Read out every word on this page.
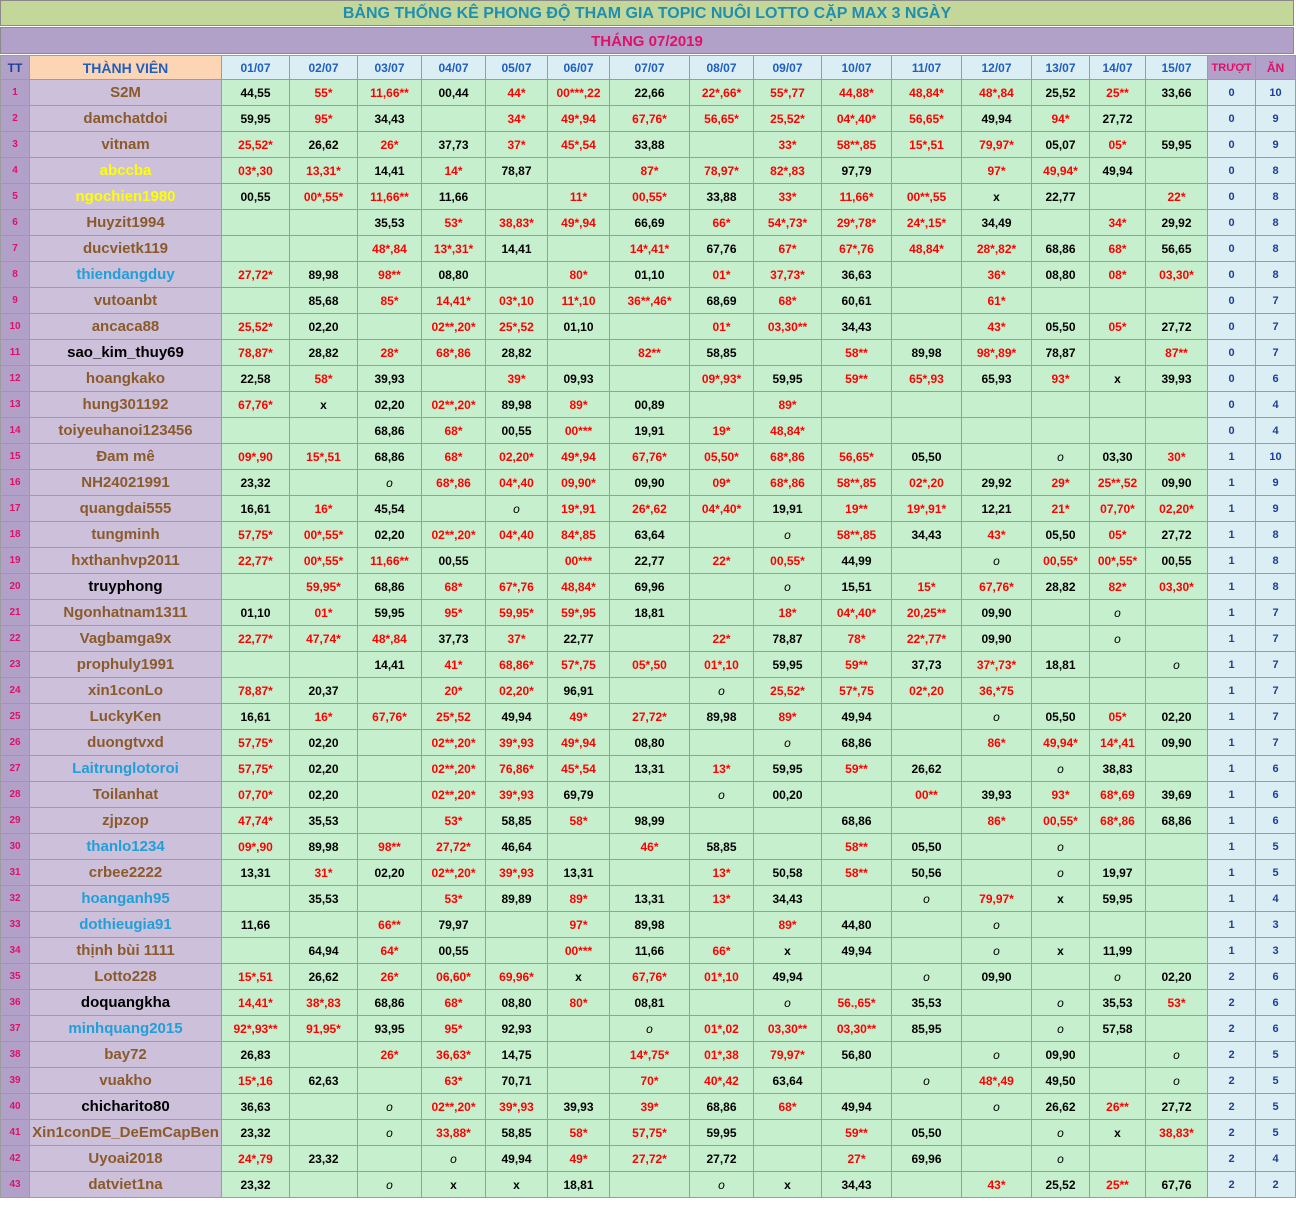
BẢNG THỐNG KÊ PHONG ĐỘ THAM GIA TOPIC NUÔI LOTTO CẶP MAX 3 NGÀY
THÁNG 07/2019
TT	THÀNH VIÊN	01/07	02/07	03/07	04/07	05/07	06/07	07/07	08/07	09/07	10/07	11/07	12/07	13/07	14/07	15/07	TRƯỢT	ĂN
1	S2M	44,55	55*	11,66**	00,44	44*	00***,22	22,66	22*,66*	55*,77	44,88*	48,84*	48*,84	25,52	25**	33,66	0	10
2	damchatdoi	59,95	95*	34,43		34*	49*,94	67,76*	56,65*	25,52*	04*,40*	56,65*	49,94	94*	27,72		0	9
3	vitnam	25,52*	26,62	26*	37,73	37*	45*,54	33,88		33*	58**,85	15*,51	79,97*	05,07	05*	59,95	0	9
4	abccba	03*,30	13,31*	14,41	14*	78,87		87*	78,97*	82*,83	97,79		97*	49,94*	49,94		0	8
5	ngochien1980	00,55	00*,55*	11,66**	11,66		11*	00,55*	33,88	33*	11,66*	00**,55	x	22,77		22*	0	8
6	Huyzit1994			35,53	53*	38,83*	49*,94	66,69	66*	54*,73*	29*,78*	24*,15*	34,49		34*	29,92	0	8
7	ducvietk119			48*,84	13*,31*	14,41		14*,41*	67,76	67*	67*,76	48,84*	28*,82*	68,86	68*	56,65	0	8
8	thiendangduy	27,72*	89,98	98**	08,80		80*	01,10	01*	37,73*	36,63		36*	08,80	08*	03,30*	0	8
9	vutoanbt		85,68	85*	14,41*	03*,10	11*,10	36**,46*	68,69	68*	60,61		61*				0	7
10	ancaca88	25,52*	02,20		02**,20*	25*,52	01,10		01*	03,30**	34,43		43*	05,50	05*	27,72	0	7
11	sao_kim_thuy69	78,87*	28,82	28*	68*,86	28,82		82**	58,85		58**	89,98	98*,89*	78,87		87**	0	7
12	hoangkako	22,58	58*	39,93		39*	09,93		09*,93*	59,95	59**	65*,93	65,93	93*	x	39,93	0	6
13	hung301192	67,76*	x	02,20	02**,20*	89,98	89*	00,89		89*							0	4
14	toiyeuhanoi123456			68,86	68*	00,55	00***	19,91	19*	48,84*							0	4
15	Đam mê	09*,90	15*,51	68,86	68*	02,20*	49*,94	67,76*	05,50*	68*,86	56,65*	05,50		o	03,30	30*	1	10
16	NH24021991	23,32		o	68*,86	04*,40	09,90*	09,90	09*	68*,86	58**,85	02*,20	29,92	29*	25**,52	09,90	1	9
17	quangdai555	16,61	16*	45,54		o	19*,91	26*,62	04*,40*	19,91	19**	19*,91*	12,21	21*	07,70*	02,20*	1	9
18	tungminh	57,75*	00*,55*	02,20	02**,20*	04*,40	84*,85	63,64		o	58**,85	34,43	43*	05,50	05*	27,72	1	8
19	hxthanhvp2011	22,77*	00*,55*	11,66**	00,55		00***	22,77	22*	00,55*	44,99		o	00,55*	00*,55*	00,55	1	8
20	truyphong		59,95*	68,86	68*	67*,76	48,84*	69,96		o	15,51	15*	67,76*	28,82	82*	03,30*	1	8
21	Ngonhatnam1311	01,10	01*	59,95	95*	59,95*	59*,95	18,81		18*	04*,40*	20,25**	09,90		o		1	7
22	Vagbamga9x	22,77*	47,74*	48*,84	37,73	37*	22,77		22*	78,87	78*	22*,77*	09,90		o		1	7
23	prophuly1991			14,41	41*	68,86*	57*,75	05*,50	01*,10	59,95	59**	37,73	37*,73*	18,81		o	1	7
24	xin1conLo	78,87*	20,37		20*	02,20*	96,91		o	25,52*	57*,75	02*,20	36,*75				1	7
25	LuckyKen	16,61	16*	67,76*	25*,52	49,94	49*	27,72*	89,98	89*	49,94		o	05,50	05*	02,20	1	7
26	duongtvxd	57,75*	02,20		02**,20*	39*,93	49*,94	08,80		o	68,86		86*	49,94*	14*,41	09,90	1	7
27	Laitrunglotoroi	57,75*	02,20		02**,20*	76,86*	45*,54	13,31	13*	59,95	59**	26,62		o	38,83		1	6
28	Toilanhat	07,70*	02,20		02**,20*	39*,93	69,79		o	00,20		00**	39,93	93*	68*,69	39,69	1	6
29	zjpzop	47,74*	35,53		53*	58,85	58*	98,99			68,86		86*	00,55*	68*,86	68,86	1	6
30	thanlo1234	09*,90	89,98	98**	27,72*	46,64		46*	58,85		58**	05,50		o			1	5
31	crbee2222	13,31	31*	02,20	02**,20*	39*,93	13,31		13*	50,58	58**	50,56		o	19,97		1	5
32	hoanganh95		35,53		53*	89,89	89*	13,31	13*	34,43		o	79,97*	x	59,95		1	4
33	dothieugia91	11,66		66**	79,97		97*	89,98		89*	44,80		o				1	3
34	thịnh bùi 1111		64,94	64*	00,55		00***	11,66	66*	x	49,94		o	x	11,99		1	3
35	Lotto228	15*,51	26,62	26*	06,60*	69,96*	x	67,76*	01*,10	49,94		o	09,90		o	02,20	2	6
36	doquangkha	14,41*	38*,83	68,86	68*	08,80	80*	08,81		o	56.,65*	35,53		o	35,53	53*	2	6
37	minhquang2015	92*,93**	91,95*	93,95	95*	92,93		o	01*,02	03,30**	03,30**	85,95		o	57,58		2	6
38	bay72	26,83		26*	36,63*	14,75		14*,75*	01*,38	79,97*	56,80		o	09,90		o	2	5
39	vuakho	15*,16	62,63		63*	70,71		70*	40*,42	63,64		o	48*,49	49,50		o	2	5
40	chicharito80	36,63		o	02**,20*	39*,93	39,93	39*	68,86	68*	49,94		o	26,62	26**	27,72	2	5
41	Xin1conDE_DeEmCapBen	23,32		o	33,88*	58,85	58*	57,75*	59,95		59**	05,50		o	x	38,83*	2	5
42	Uyoai2018	24*,79	23,32		o	49,94	49*	27,72*	27,72		27*	69,96		o			2	4
43	datviet1na	23,32		o	x	x	18,81		o	x	34,43		43*	25,52	25**	67,76	2	2
